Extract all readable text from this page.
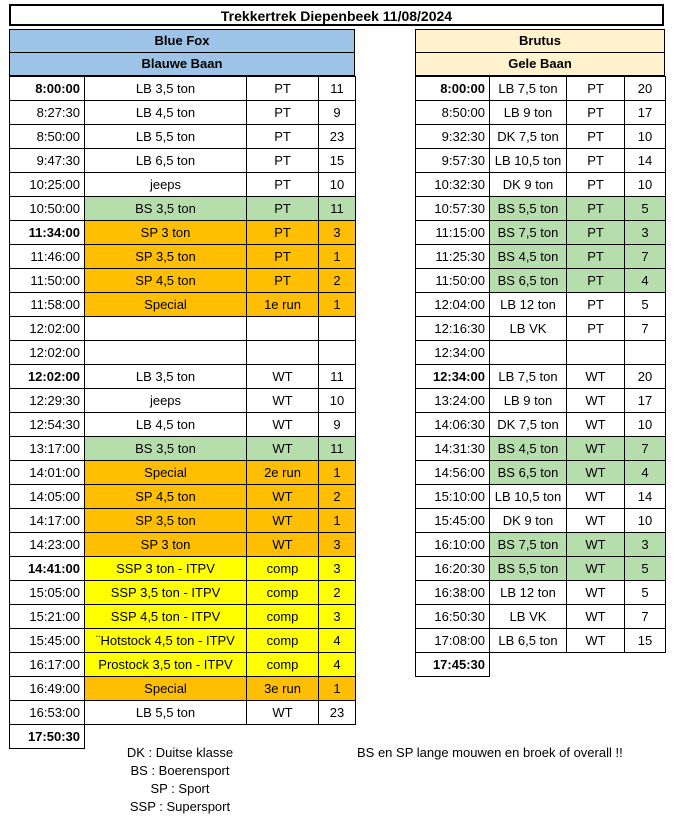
Trekkertrek Diepenbeek 11/08/2024
Blue Fox
Blauwe Baan
Brutus
Gele Baan
8:00:00	LB 3,5 ton	PT	11
8:27:30	LB 4,5 ton	PT	9
8:50:00	LB 5,5 ton	PT	23
9:47:30	LB 6,5 ton	PT	15
10:25:00	jeeps	PT	10
10:50:00	BS 3,5 ton	PT	11
11:34:00	SP 3 ton	PT	3
11:46:00	SP 3,5 ton	PT	1
11:50:00	SP 4,5 ton	PT	2
11:58:00	Special	1e run	1
12:02:00			
12:02:00			
12:02:00	LB 3,5 ton	WT	11
12:29:30	jeeps	WT	10
12:54:30	LB 4,5 ton	WT	9
13:17:00	BS 3,5 ton	WT	11
14:01:00	Special	2e run	1
14:05:00	SP 4,5 ton	WT	2
14:17:00	SP 3,5 ton	WT	1
14:23:00	SP 3 ton	WT	3
14:41:00	SSP 3 ton - ITPV	comp	3
15:05:00	SSP 3,5 ton - ITPV	comp	2
15:21:00	SSP 4,5 ton - ITPV	comp	3
15:45:00	¨Hotstock 4,5 ton - ITPV	comp	4
16:17:00	Prostock 3,5 ton - ITPV	comp	4
16:49:00	Special	3e run	1
16:53:00	LB 5,5 ton	WT	23
17:50:30			
8:00:00	LB 7,5 ton	PT	20
8:50:00	LB 9 ton	PT	17
9:32:30	DK 7,5 ton	PT	10
9:57:30	LB 10,5 ton	PT	14
10:32:30	DK 9 ton	PT	10
10:57:30	BS 5,5 ton	PT	5
11:15:00	BS 7,5 ton	PT	3
11:25:30	BS 4,5 ton	PT	7
11:50:00	BS 6,5 ton	PT	4
12:04:00	LB 12 ton	PT	5
12:16:30	LB VK	PT	7
12:34:00			
12:34:00	LB 7,5 ton	WT	20
13:24:00	LB 9 ton	WT	17
14:06:30	DK 7,5 ton	WT	10
14:31:30	BS 4,5 ton	WT	7
14:56:00	BS 6,5 ton	WT	4
15:10:00	LB 10,5 ton	WT	14
15:45:00	DK 9 ton	WT	10
16:10:00	BS 7,5 ton	WT	3
16:20:30	BS 5,5 ton	WT	5
16:38:00	LB 12 ton	WT	5
16:50:30	LB VK	WT	7
17:08:00	LB 6,5 ton	WT	15
17:45:30			
DK : Duitse klasse
BS : Boerensport
SP : Sport
SSP : Supersport
BS en SP lange mouwen en broek of overall !!
